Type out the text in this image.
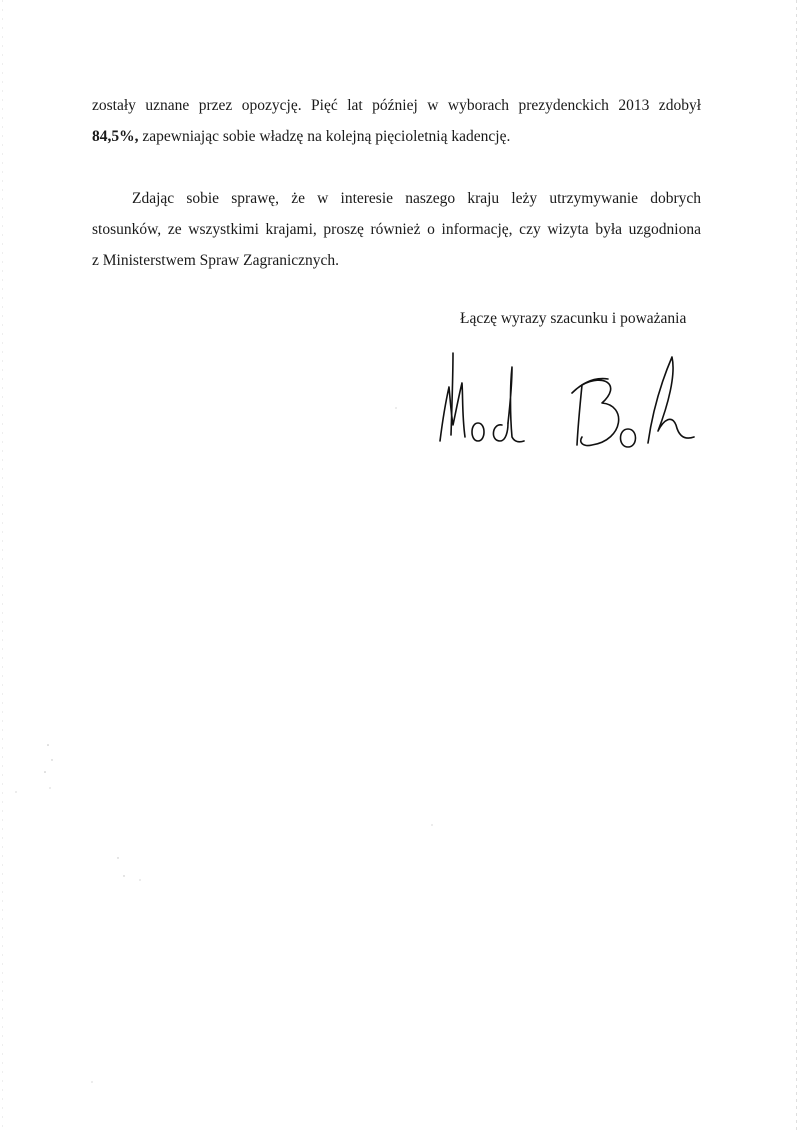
zostały uznane przez opozycję. Pięć lat później w wyborach prezydenckich 2013 zdobył
84,5%, zapewniając sobie władzę na kolejną pięcioletnią kadencję.
Zdając sobie sprawę, że w interesie naszego kraju leży utrzymywanie dobrych
stosunków, ze wszystkimi krajami, proszę również o informację, czy wizyta była uzgodniona
z Ministerstwem Spraw Zagranicznych.
Łączę wyrazy szacunku i poważania
